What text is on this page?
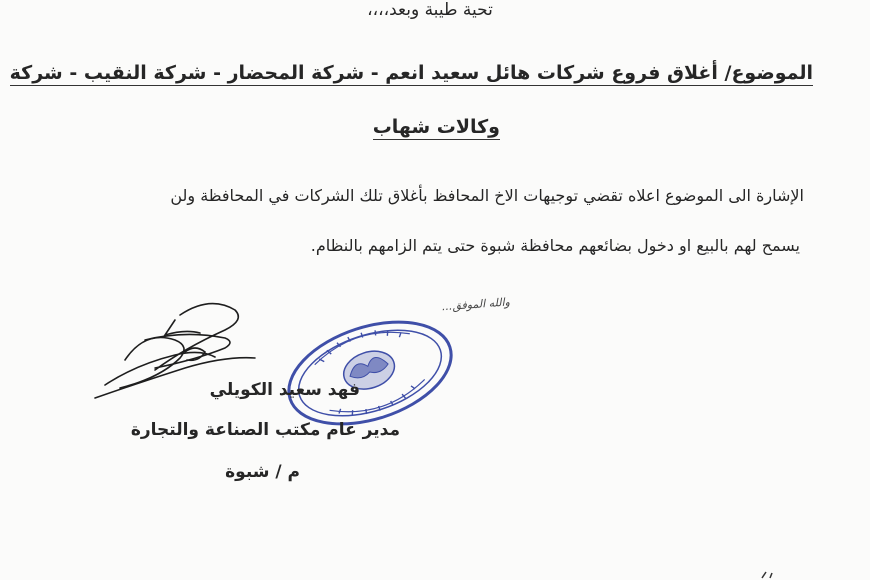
تحية طيبة وبعد،،،،
الموضوع/ أغلاق فروع شركات هائل سعيد انعم - شركة المحضار - شركة النقيب - شركة
وكالات شهاب
الإشارة الى الموضوع اعلاه تقضي توجيهات الاخ المحافظ بأغلاق تلك الشركات في المحافظة ولن
يسمح لهم بالبيع او دخول بضائعهم محافظة شبوة حتى يتم الزامهم بالنظام.
والله الموفق...
فهد سعيد الكويلي
مدير عام مكتب الصناعة والتجارة
م / شبوة
